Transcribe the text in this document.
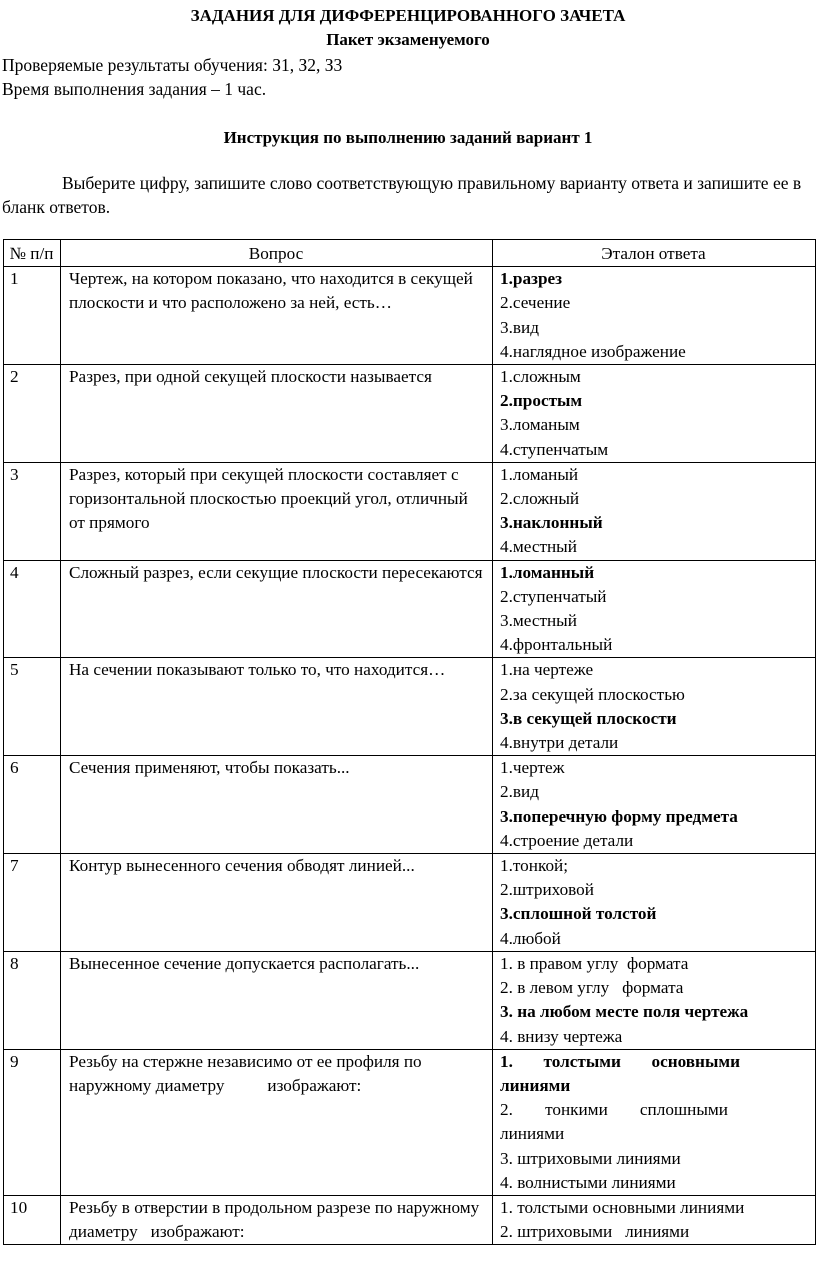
ЗАДАНИЯ ДЛЯ ДИФФЕРЕНЦИРОВАННОГО ЗАЧЕТА
Пакет экзаменуемого
Проверяемые результаты обучения: З1, З2, З3
Время выполнения задания – 1 час.
Инструкция по выполнению заданий вариант 1
Выберите цифру, запишите слово соответствующую правильному варианту ответа и запишите ее в бланк ответов.
№ п/п	Вопрос	Эталон ответа
1	Чертеж, на котором показано, что находится в секущей плоскости и что расположено за ней, есть…	1.разрез
2.сечение
3.вид
4.наглядное изображение

2	Разрез, при одной секущей плоскости называется	1.сложным
2.простым
3.ломаным
4.ступенчатым

3	Разрез, который при секущей плоскости составляет с горизонтальной плоскостью проекций угол, отличный от прямого	1.ломаный
2.сложный
3.наклонный
4.местный

4	Сложный разрез, если секущие плоскости пересекаются	1.ломанный
2.ступенчатый
3.местный
4.фронтальный

5	На сечении показывают только то, что находится…	1.на чертеже
2.за секущей плоскостью
3.в секущей плоскости
4.внутри детали

6	Сечения применяют, чтобы показать...	1.чертеж
2.вид
3.поперечную форму предмета
4.строение детали

7	Контур вынесенного сечения обводят линией...	1.тонкой;
2.штриховой
3.сплошной толстой
4.любой

8	Вынесенное сечение допускается располагать...	1. в правом углу  формата
2. в левом углу   формата
3. на любом месте поля чертежа
4. внизу чертежа

9	Резьбу на стержне независимо от ее профиля по наружному диаметру          изображают:	1. толстыми основными линиями
2. тонкими сплошными линиями
3. штриховыми линиями
4. волнистыми линиями

10	Резьбу в отверстии в продольном разрезе по наружному диаметру   изображают:	1. толстыми основными линиями
2. штриховыми   линиями
